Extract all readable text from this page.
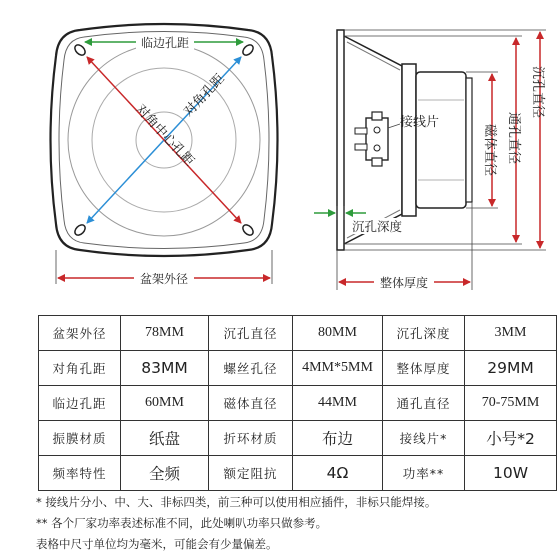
临边孔距
对角孔距
对角中心孔距
盆架外径
接线片
磁体直径 通孔直径
沉孔直径
沉孔深度
整体厚度
盆架外径	78MM	沉孔直径	80MM	沉孔深度	3MM
对角孔距	83MM	螺丝孔径	4MM*5MM	整体厚度	29MM
临边孔距	60MM	磁体直径	44MM	通孔直径	70-75MM
振膜材质	纸盘	折环材质	布边	接线片*	小号*2
频率特性	全频	额定阻抗	4Ω	功率**	10W
* 接线片分小、中、大、非标四类，前三种可以使用相应插件，非标只能焊接。
** 各个厂家功率表述标准不同，此处喇叭功率只做参考。
表格中尺寸单位均为毫米，可能会有少量偏差。
